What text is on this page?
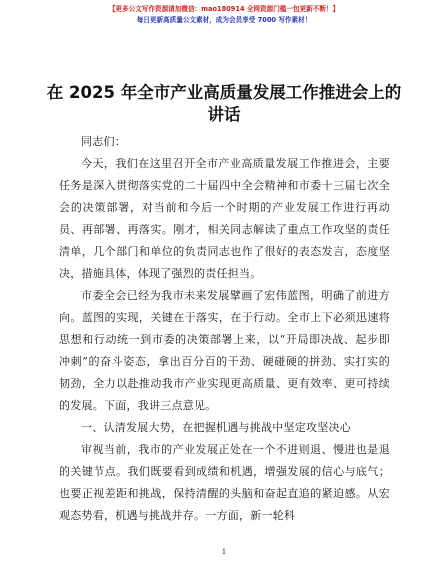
【更多公文写作资源请加微信：mao180914 全网资源门槛一包更新不断！】
每日更新高质量公文素材，成为会员享受 7000 写作素材！
在 2025 年全市产业高质量发展工作推进会上的讲话

同志们：

今天，我们在这里召开全市产业高质量发展工作推进会，主要任务是深入贯彻落实党的二十届四中全会精神和市委十三届七次全会的决策部署，对当前和今后一个时期的产业发展工作进行再动员、再部署、再落实。刚才，相关同志解读了重点工作攻坚的责任清单，几个部门和单位的负责同志也作了很好的表态发言，态度坚决，措施具体，体现了强烈的责任担当。

市委全会已经为我市未来发展擘画了宏伟蓝图，明确了前进方向。蓝图的实现，关键在于落实，在于行动。全市上下必须迅速将思想和行动统一到市委的决策部署上来，以“开局即决战、起步即冲刺”的奋斗姿态，拿出百分百的干劲、硬碰硬的拼劲、实打实的韧劲，全力以赴推动我市产业实现更高质量、更有效率、更可持续的发展。下面，我讲三点意见。

一、认清发展大势，在把握机遇与挑战中坚定攻坚决心

审视当前，我市的产业发展正处在一个不进则退、慢进也是退的关键节点。我们既要看到成绩和机遇，增强发展的信心与底气；也要正视差距和挑战，保持清醒的头脑和奋起直追的紧迫感。从宏观态势看，机遇与挑战并存。一方面，新一轮科

1
